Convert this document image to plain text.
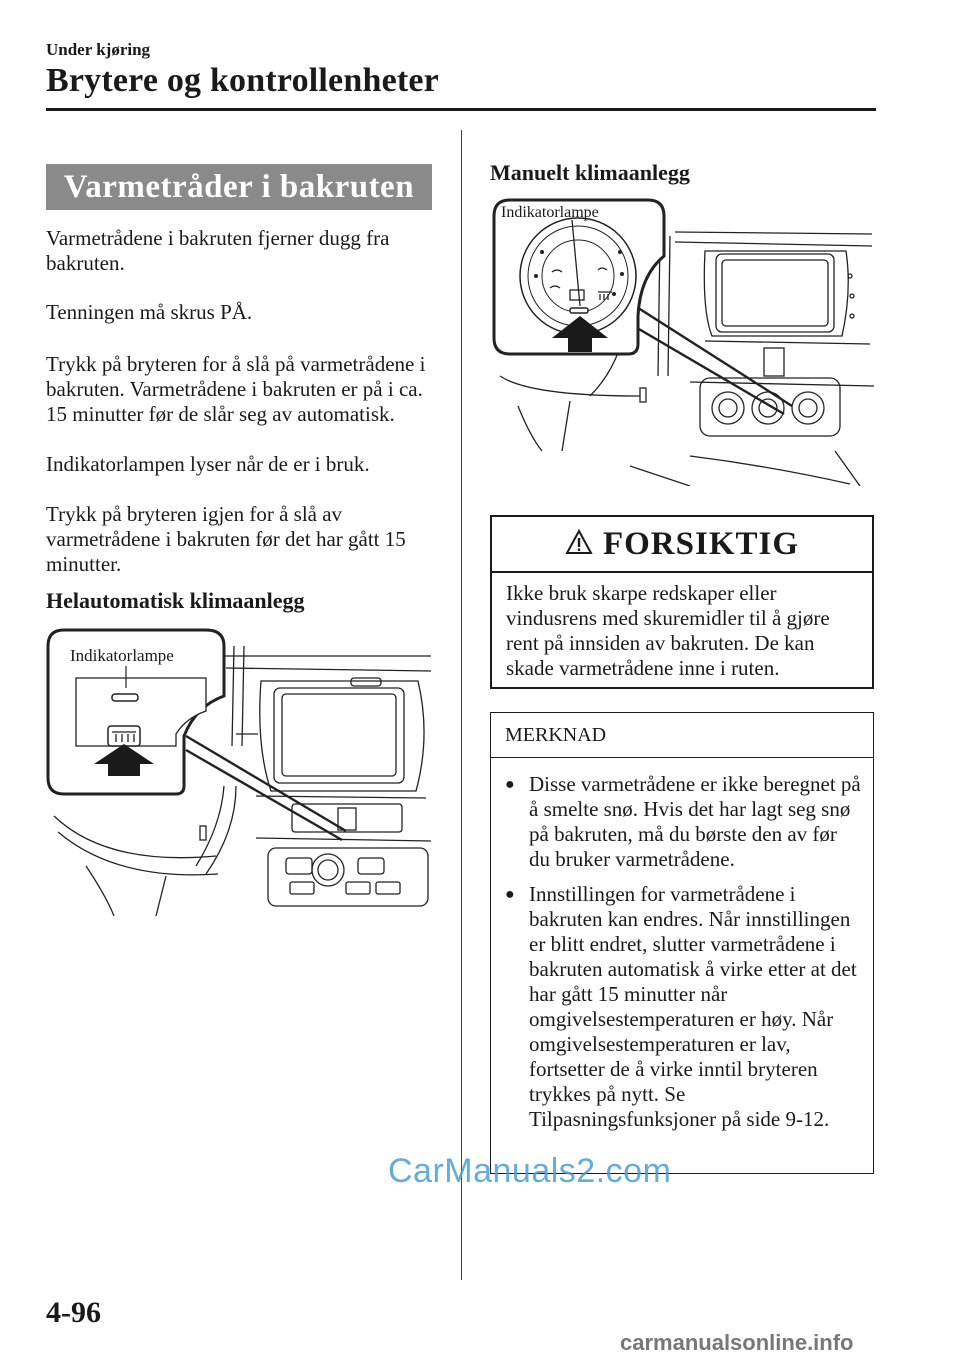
Under kjøring
Brytere og kontrollenheter
Varmetråder i bakruten

Varmetrådene i bakruten fjerner dugg fra bakruten.

Tenningen må skrus PÅ.

Trykk på bryteren for å slå på varmetrådene i bakruten. Varmetrådene i bakruten er på i ca. 15 minutter før de slår seg av automatisk.

Indikatorlampen lyser når de er i bruk.

Trykk på bryteren igjen for å slå av varmetrådene i bakruten før det har gått 15 minutter.

Helautomatisk klimaanlegg
Indikatorlampe
Manuelt klimaanlegg
Indikatorlampe
FORSIKTIG
Ikke bruk skarpe redskaper eller vindusrens med skuremidler til å gjøre rent på innsiden av bakruten. De kan skade varmetrådene inne i ruten.
MERKNAD
● Disse varmetrådene er ikke beregnet på å smelte snø. Hvis det har lagt seg snø på bakruten, må du børste den av før du bruker varmetrådene.
● Innstillingen for varmetrådene i bakruten kan endres. Når innstillingen er blitt endret, slutter varmetrådene i bakruten automatisk å virke etter at det har gått 15 minutter når omgivelsestemperaturen er høy. Når omgivelsestemperaturen er lav, fortsetter de å virke inntil bryteren trykkes på nytt. Se Tilpasningsfunksjoner på side 9-12.
CarManuals2.com
4-96
carmanualsonline.info
